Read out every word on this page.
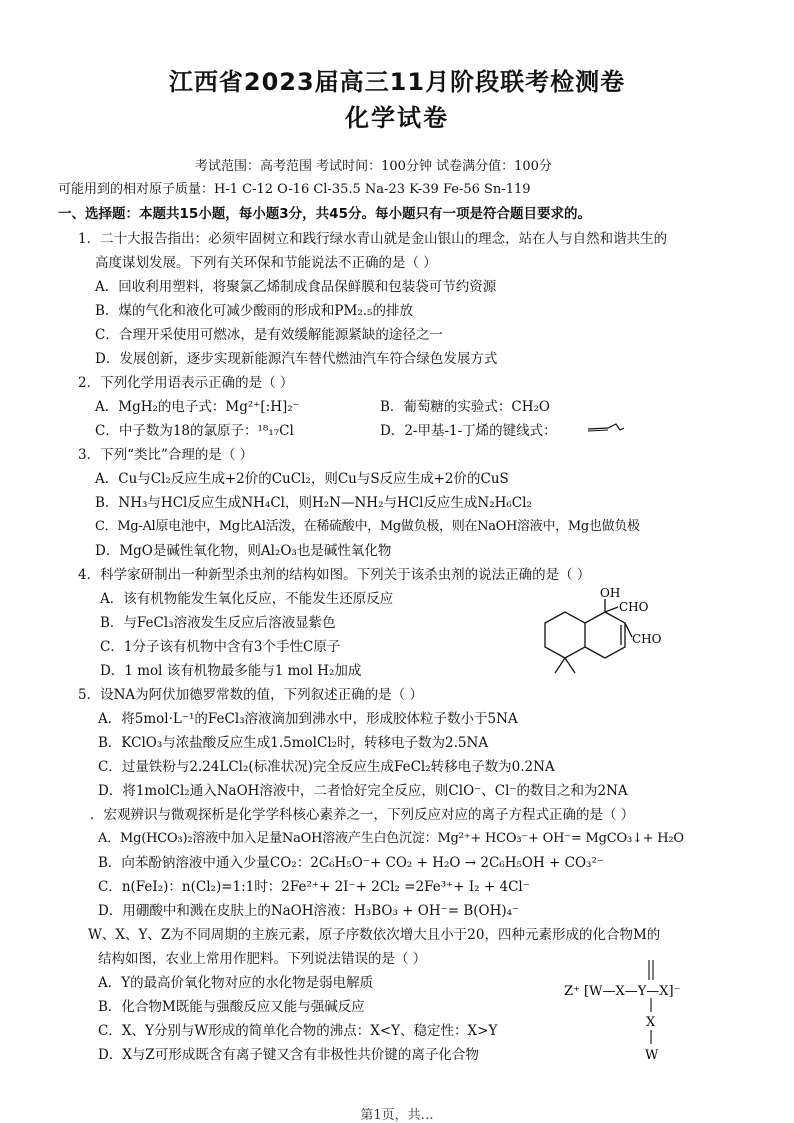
江西省2023届高三11月阶段联考检测卷
化学试卷
考试范围：高考范围 考试时间：100分钟 试卷满分值：100分
可能用到的相对原子质量：H-1 C-12 O-16 Cl-35.5 Na-23 K-39 Fe-56 Sn-119
一、选择题：本题共15小题，每小题3分，共45分。每小题只有一项是符合题目要求的。
1．二十大报告指出：必须牢固树立和践行绿水青山就是金山银山的理念，站在人与自然和谐共生的
高度谋划发展。下列有关环保和节能说法不正确的是（ ）
A．回收利用塑料，将聚氯乙烯制成食品保鲜膜和包装袋可节约资源
B．煤的气化和液化可减少酸雨的形成和PM₂.₅的排放
C．合理开采使用可燃冰，是有效缓解能源紧缺的途径之一
D．发展创新，逐步实现新能源汽车替代燃油汽车符合绿色发展方式
2．下列化学用语表示正确的是（ ）
A．MgH₂的电子式：Mg²⁺[:H]₂⁻	B．葡萄糖的实验式：CH₂O
C．中子数为18的氯原子：¹⁸₁₇Cl	D．2-甲基-1-丁烯的键线式：
3．下列“类比”合理的是（ ）
A．Cu与Cl₂反应生成+2价的CuCl₂，则Cu与S反应生成+2价的CuS
B．NH₃与HCl反应生成NH₄Cl，则H₂N—NH₂与HCl反应生成N₂H₆Cl₂
C．Mg-Al原电池中，Mg比Al活泼，在稀硫酸中，Mg做负极，则在NaOH溶液中，Mg也做负极
D．MgO是碱性氧化物，则Al₂O₃也是碱性氧化物
4．科学家研制出一种新型杀虫剂的结构如图。下列关于该杀虫剂的说法正确的是（ ）
A．该有机物能发生氧化反应，不能发生还原反应
B．与FeCl₃溶液发生反应后溶液显紫色
C．1分子该有机物中含有3个手性C原子
D．1 mol 该有机物最多能与1 mol H₂加成
OH
CHO
CHO
5．设NA为阿伏加德罗常数的值，下列叙述正确的是（ ）
A．将5mol·L⁻¹的FeCl₃溶液滴加到沸水中，形成胶体粒子数小于5NA
B．KClO₃与浓盐酸反应生成1.5molCl₂时，转移电子数为2.5NA
C．过量铁粉与2.24LCl₂(标准状况)完全反应生成FeCl₂转移电子数为0.2NA
D．将1molCl₂通入NaOH溶液中，二者恰好完全反应，则ClO⁻、Cl⁻的数目之和为2NA
．宏观辨识与微观探析是化学学科核心素养之一，下列反应对应的离子方程式正确的是（ ）
A．Mg(HCO₃)₂溶液中加入足量NaOH溶液产生白色沉淀：Mg²⁺+ HCO₃⁻+ OH⁻= MgCO₃↓+ H₂O
B．向苯酚钠溶液中通入少量CO₂：2C₆H₅O⁻+ CO₂ + H₂O → 2C₆H₅OH + CO₃²⁻
C．n(FeI₂)：n(Cl₂)=1:1时：2Fe²⁺+ 2I⁻+ 2Cl₂ =2Fe³⁺+ I₂ + 4Cl⁻
D．用硼酸中和溅在皮肤上的NaOH溶液：H₃BO₃ + OH⁻= B(OH)₄⁻
W、X、Y、Z为不同周期的主族元素，原子序数依次增大且小于20，四种元素形成的化合物M的
结构如图，农业上常用作肥料。下列说法错误的是（ ）
A．Y的最高价氧化物对应的水化物是弱电解质
B．化合物M既能与强酸反应又能与强碱反应
C．X、Y分别与W形成的简单化合物的沸点：X<Y、稳定性：X>Y
D．X与Z可形成既含有离子键又含有非极性共价键的离子化合物
Z⁺ [W—X—Y—X]⁻
X
W
第1页，共…
